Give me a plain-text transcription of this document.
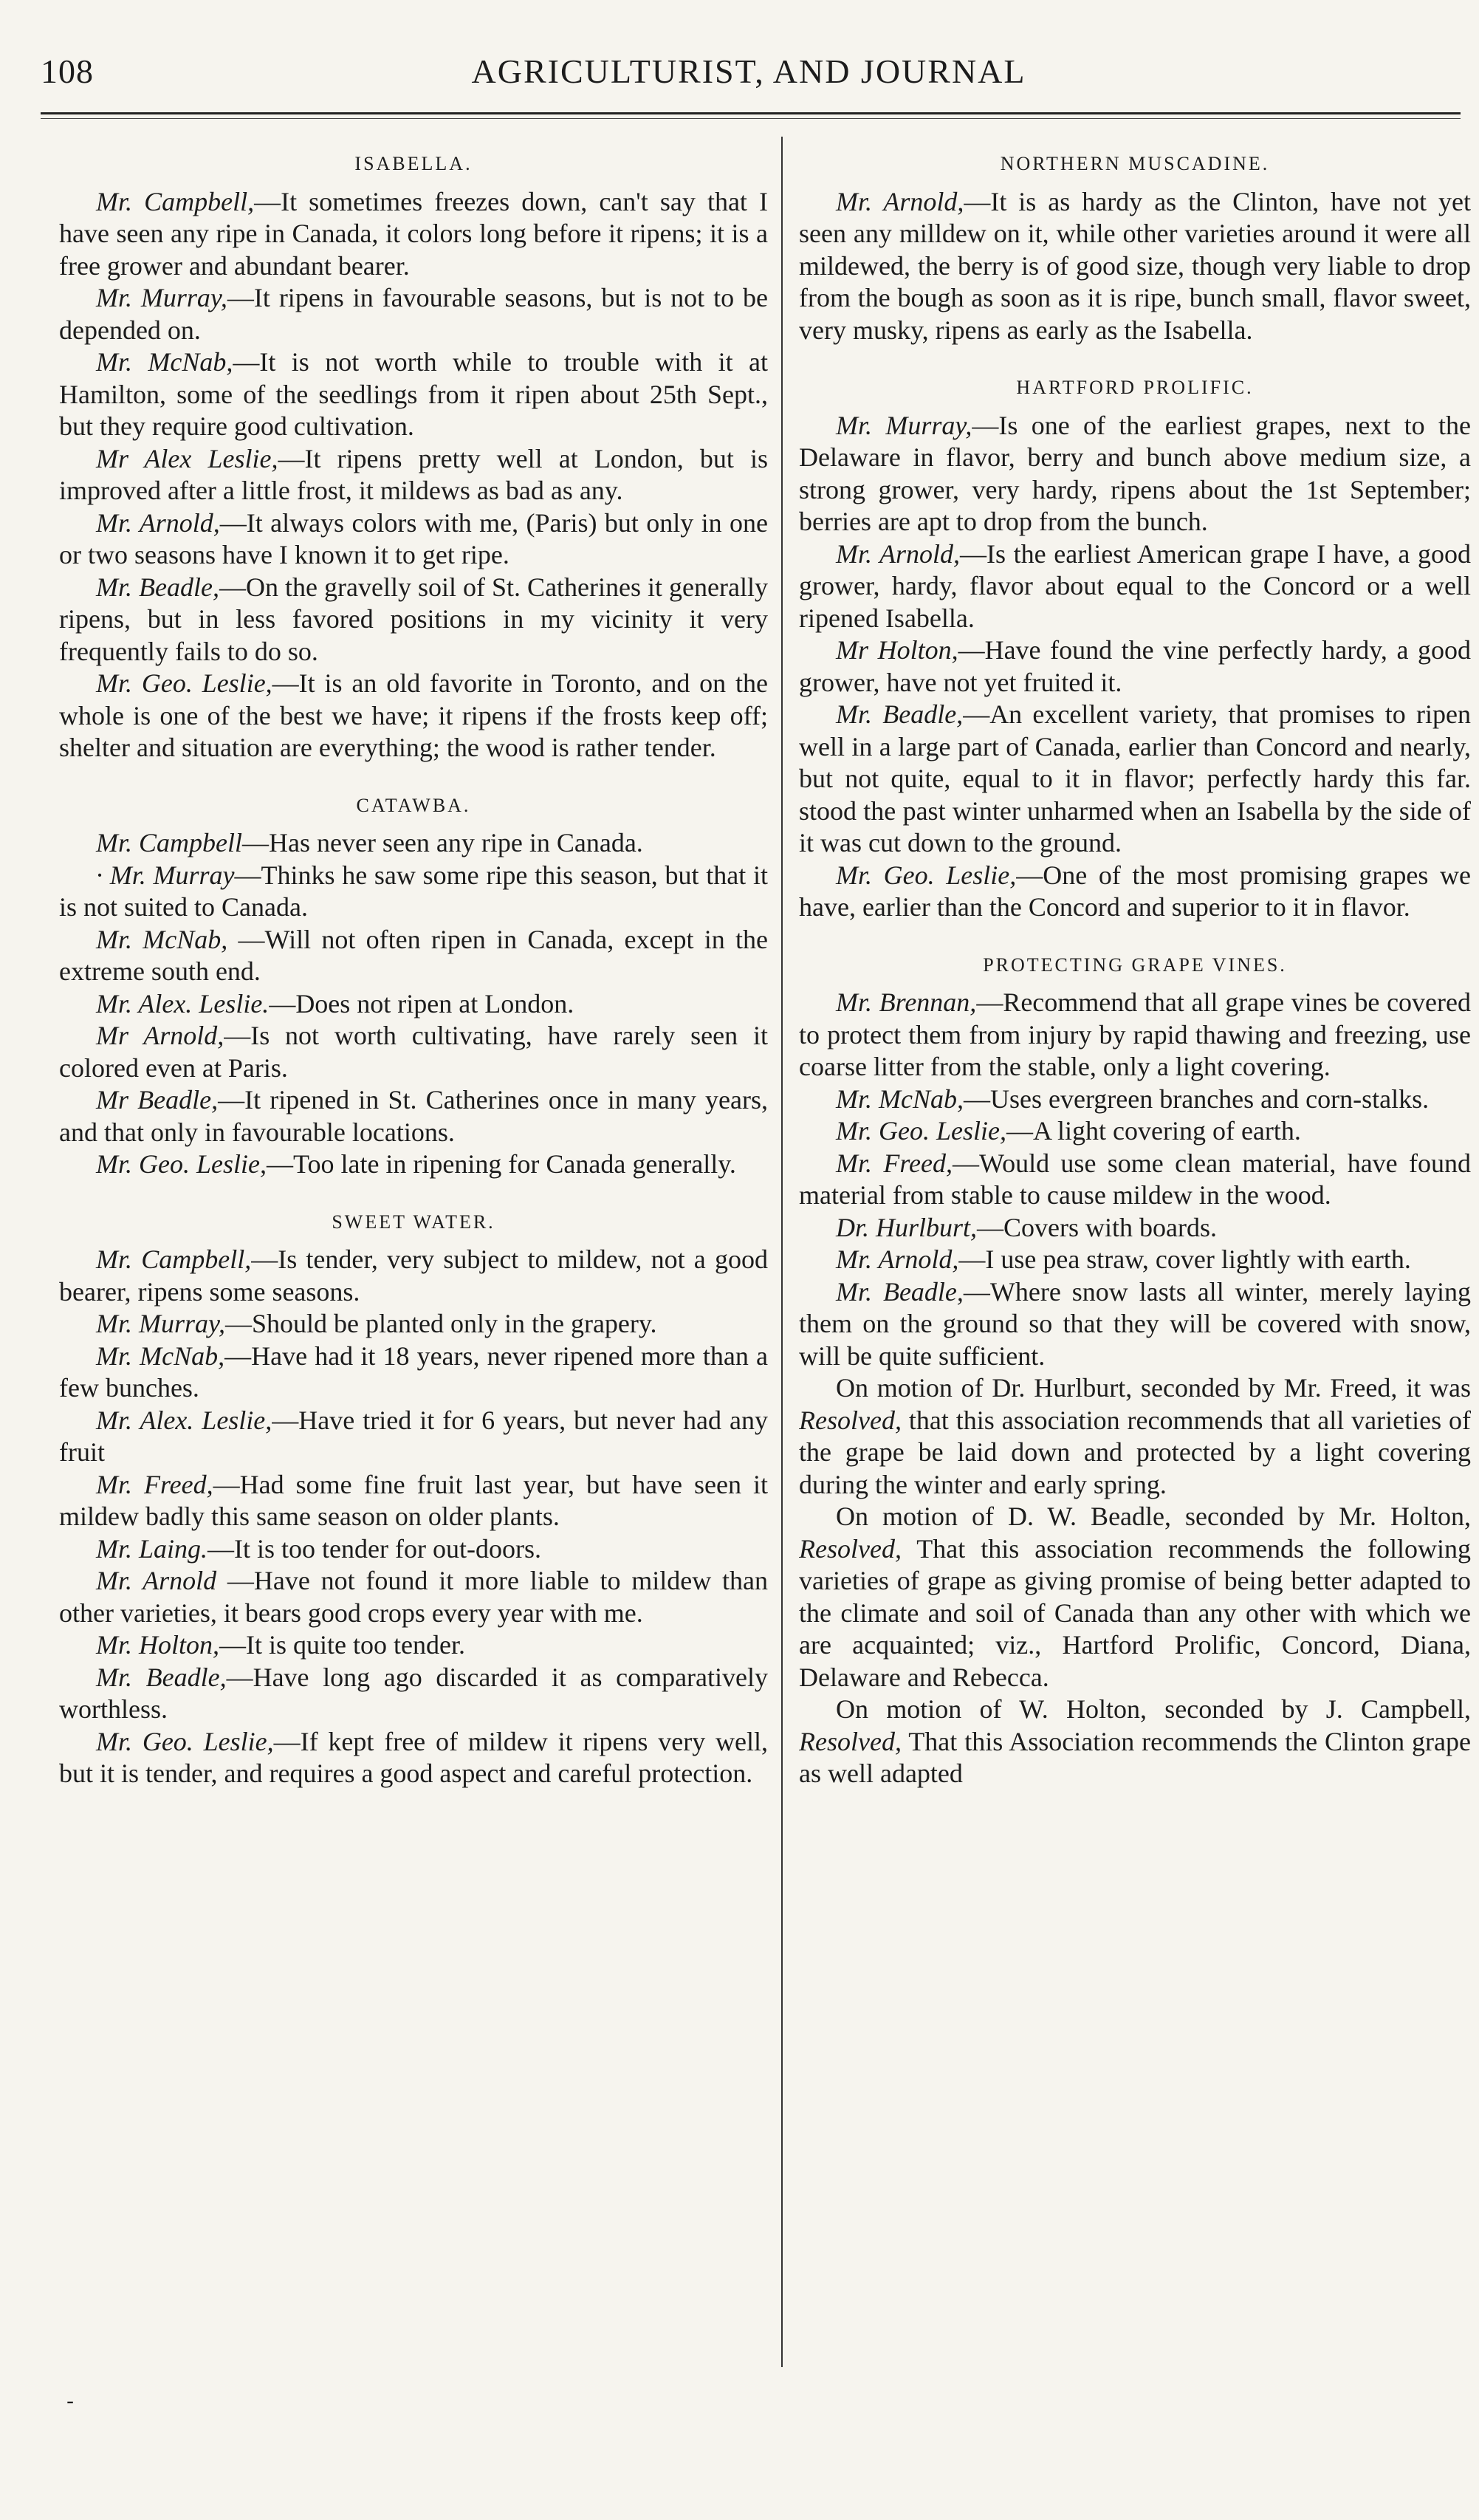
108	AGRICULTURIST, AND JOURNAL
ISABELLA.

Mr. Campbell,—It sometimes freezes down, can't say that I have seen any ripe in Canada, it colors long before it ripens; it is a free grower and abundant bearer.

Mr. Murray,—It ripens in favourable seasons, but is not to be depended on.

Mr. McNab,—It is not worth while to trouble with it at Hamilton, some of the seedlings from it ripen about 25th Sept., but they require good cultivation.

Mr Alex Leslie,—It ripens pretty well at London, but is improved after a little frost, it mildews as bad as any.

Mr. Arnold,—It always colors with me, (Paris) but only in one or two seasons have I known it to get ripe.

Mr. Beadle,—On the gravelly soil of St. Catherines it generally ripens, but in less favored positions in my vicinity it very frequently fails to do so.

Mr. Geo. Leslie,—It is an old favorite in Toronto, and on the whole is one of the best we have; it ripens if the frosts keep off; shelter and situation are everything; the wood is rather tender.

CATAWBA.

Mr. Campbell—Has never seen any ripe in Canada.

· Mr. Murray—Thinks he saw some ripe this season, but that it is not suited to Canada.

Mr. McNab, —Will not often ripen in Canada, except in the extreme south end.

Mr. Alex. Leslie.—Does not ripen at London.

Mr Arnold,—Is not worth cultivating, have rarely seen it colored even at Paris.

Mr Beadle,—It ripened in St. Catherines once in many years, and that only in favourable locations.

Mr. Geo. Leslie,—Too late in ripening for Canada generally.

SWEET WATER.

Mr. Campbell,—Is tender, very subject to mildew, not a good bearer, ripens some seasons.

Mr. Murray,—Should be planted only in the grapery.

Mr. McNab,—Have had it 18 years, never ripened more than a few bunches.

Mr. Alex. Leslie,—Have tried it for 6 years, but never had any fruit

Mr. Freed,—Had some fine fruit last year, but have seen it mildew badly this same season on older plants.

Mr. Laing.—It is too tender for out-doors.

Mr. Arnold —Have not found it more liable to mildew than other varieties, it bears good crops every year with me.

Mr. Holton,—It is quite too tender.

Mr. Beadle,—Have long ago discarded it as comparatively worthless.

Mr. Geo. Leslie,—If kept free of mildew it ripens very well, but it is tender, and requires a good aspect and careful protection.

NORTHERN MUSCADINE.

Mr. Arnold,—It is as hardy as the Clinton, have not yet seen any milldew on it, while other varieties around it were all mildewed, the berry is of good size, though very liable to drop from the bough as soon as it is ripe, bunch small, flavor sweet, very musky, ripens as early as the Isabella.

HARTFORD PROLIFIC.

Mr. Murray,—Is one of the earliest grapes, next to the Delaware in flavor, berry and bunch above medium size, a strong grower, very hardy, ripens about the 1st September; berries are apt to drop from the bunch.

Mr. Arnold,—Is the earliest American grape I have, a good grower, hardy, flavor about equal to the Concord or a well ripened Isabella.

Mr Holton,—Have found the vine perfectly hardy, a good grower, have not yet fruited it.

Mr. Beadle,—An excellent variety, that promises to ripen well in a large part of Canada, earlier than Concord and nearly, but not quite, equal to it in flavor; perfectly hardy this far. stood the past winter unharmed when an Isabella by the side of it was cut down to the ground.

Mr. Geo. Leslie,—One of the most promising grapes we have, earlier than the Concord and superior to it in flavor.

PROTECTING GRAPE VINES.

Mr. Brennan,—Recommend that all grape vines be covered to protect them from injury by rapid thawing and freezing, use coarse litter from the stable, only a light covering.

Mr. McNab,—Uses evergreen branches and corn-stalks.

Mr. Geo. Leslie,—A light covering of earth.

Mr. Freed,—Would use some clean material, have found material from stable to cause mildew in the wood.

Dr. Hurlburt,—Covers with boards.

Mr. Arnold,—I use pea straw, cover lightly with earth.

Mr. Beadle,—Where snow lasts all winter, merely laying them on the ground so that they will be covered with snow, will be quite sufficient.

On motion of Dr. Hurlburt, seconded by Mr. Freed, it was Resolved, that this association recommends that all varieties of the grape be laid down and protected by a light covering during the winter and early spring.

On motion of D. W. Beadle, seconded by Mr. Holton, Resolved, That this association recommends the following varieties of grape as giving promise of being better adapted to the climate and soil of Canada than any other with which we are acquainted; viz., Hartford Prolific, Concord, Diana, Delaware and Rebecca.

On motion of W. Holton, seconded by J. Campbell, Resolved, That this Association recommends the Clinton grape as well adapted

-
